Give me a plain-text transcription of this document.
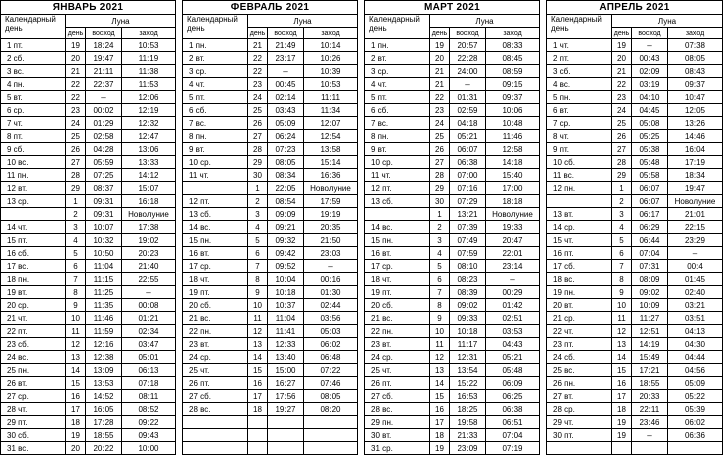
ЯНВАРЬ 2021			
Календарный
день	Луна		
	день	восход	заход
1 пт.	19	18:24	10:53
2 сб.	20	19:47	11:19
3 вс.	21	21:11	11:38
4 пн.	22	22:37	11:53
5 вт.	22	–	12:06
6 ср.	23	00:02	12:19
7 чт.	24	01:29	12:32
8 пт.	25	02:58	12:47
9 сб.	26	04:28	13:06
10 вс.	27	05:59	13:33
11 пн.	28	07:25	14:12
12 вт.	29	08:37	15:07
13 ср.	1	09:31	16:18
	2	09:31	Новолуние
14 чт.	3	10:07	17:38
15 пт.	4	10:32	19:02
16 сб.	5	10:50	20:23
17 вс.	6	11:04	21:40
18 пн.	7	11:15	22:55
19 вт.	8	11:25	–
20 ср.	9	11:35	00:08
21 чт.	10	11:46	01:21
22 пт.	11	11:59	02:34
23 сб.	12	12:16	03:47
24 вс.	13	12:38	05:01
25 пн.	14	13:09	06:13
26 вт.	15	13:53	07:18
27 ср.	16	14:52	08:11
28 чт.	17	16:05	08:52
29 пт.	18	17:28	09:22
30 сб.	19	18:55	09:43
31 вс.	20	20:22	10:00
ФЕВРАЛЬ 2021			
Календарный
день	Луна		
	день	восход	заход
1 пн.	21	21:49	10:14
2 вт.	22	23:17	10:26
3 ср.	22	–	10:39
4 чт.	23	00:45	10:53
5 пт.	24	02:14	11:11
6 сб.	25	03:43	11:34
7 вс.	26	05:09	12:07
8 пн.	27	06:24	12:54
9 вт.	28	07:23	13:58
10 ср.	29	08:05	15:14
11 чт.	30	08:34	16:36
	1	22:05	Новолуние
12 пт.	2	08:54	17:59
13 сб.	3	09:09	19:19
14 вс.	4	09:21	20:35
15 пн.	5	09:32	21:50
16 вт.	6	09:42	23:03
17 ср.	7	09:52	–
18 чт.	8	10:04	00:16
19 пт.	9	10:18	01:30
20 сб.	10	10:37	02:44
21 вс.	11	11:04	03:56
22 пн.	12	11:41	05:03
23 вт.	13	12:33	06:02
24 ср.	14	13:40	06:48
25 чт.	15	15:00	07:22
26 пт.	16	16:27	07:46
27 сб.	17	17:56	08:05
28 вс.	18	19:27	08:20

МАРТ 2021			
Календарный
день	Луна		
	день	восход	заход
1 пн.	19	20:57	08:33
2 вт.	20	22:28	08:45
3 ср.	21	24:00	08:59
4 чт.	21	–	09:15
5 пт.	22	01:31	09:37
6 сб.	23	02:59	10:06
7 вс.	24	04:18	10:48
8 пн.	25	05:21	11:46
9 вт.	26	06:07	12:58
10 ср.	27	06:38	14:18
11 чт.	28	07:00	15:40
12 пт.	29	07:16	17:00
13 сб.	30	07:29	18:18
	1	13:21	Новолуние
14 вс.	2	07:39	19:33
15 пн.	3	07:49	20:47
16 вт.	4	07:59	22:01
17 ср.	5	08:10	23:14
18 чт.	6	08:23	–
19 пт.	7	08:39	00:29
20 сб.	8	09:02	01:42
21 вс.	9	09:33	02:51
22 пн.	10	10:18	03:53
23 вт.	11	11:17	04:43
24 ср.	12	12:31	05:21
25 чт.	13	13:54	05:48
26 пт.	14	15:22	06:09
27 сб.	15	16:53	06:25
28 вс.	16	18:25	06:38
29 пн.	17	19:58	06:51
30 вт.	18	21:33	07:04
31 ср.	19	23:09	07:19
АПРЕЛЬ 2021			
Календарный
день	Луна		
	день	восход	заход
1 чт.	19	–	07:38
2 пт.	20	00:43	08:05
3 сб.	21	02:09	08:43
4 вс.	22	03:19	09:37
5 пн.	23	04:10	10:47
6 вт.	24	04:45	12:05
7 ср.	25	05:08	13:26
8 чт.	26	05:25	14:46
9 пт.	27	05:38	16:04
10 сб.	28	05:48	17:19
11 вс.	29	05:58	18:34
12 пн.	1	06:07	19:47
	2	06:07	Новолуние
13 вт.	3	06:17	21:01
14 ср.	4	06:29	22:15
15 чт.	5	06:44	23:29
16 пт.	6	07:04	–
17 сб.	7	07:31	00:4
18 вс.	8	08:09	01:45
19 пн.	9	09:02	02:40
20 вт.	10	10:09	03:21
21 ср.	11	11:27	03:51
22 чт.	12	12:51	04:13
23 пт.	13	14:19	04:30
24 сб.	14	15:49	04:44
25 вс.	15	17:21	04:56
26 пн.	16	18:55	05:09
27 вт.	17	20:33	05:22
28 ср.	18	22:11	05:39
29 чт.	19	23:46	06:02
30 пт.	19	–	06:36
